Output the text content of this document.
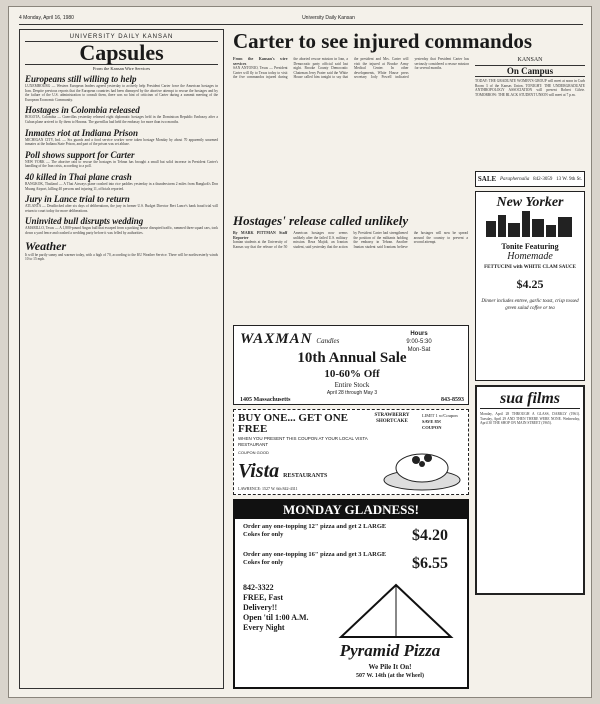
4 Monday, April 16, 1980	University Daily Kansan
UNIVERSITY DAILY KANSAN
Capsules
From the Kansan Wire Services
Europeans still willing to help
LUXEMBOURG — Western European leaders agreed yesterday to actively help President Carter force the American hostages in Iran. Despite previous reports that the European countries had been dismayed by the abortive attempt to rescue the hostages and by the failure of the U.S. administration to consult them, there was no hint of criticism of Carter during a summit meeting of the European Economic Community.
Hostages in Colombia released
BOGOTA, Colombia — Guerrillas yesterday released eight diplomatic hostages held in the Dominican Republic Embassy after a Cuban plane arrived to fly them to Havana. The guerrillas had held the embassy for more than two months.
Inmates riot at Indiana Prison
MICHIGAN CITY, Ind. — Six guards and a food service worker were taken hostage Monday by about 70 apparently unarmed inmates at the Indiana State Prison, and part of the prison was set ablaze.
Poll shows support for Carter
NEW YORK — The abortive raid to rescue the hostages in Tehran has brought a small but solid increase in President Carter's handling of the Iran crisis, according to a poll.
40 killed in Thai plane crash
BANGKOK, Thailand — A Thai Airways plane crashed into rice paddies yesterday in a thunderstorm 2 miles from Bangkok's Don Muang Airport, killing 40 persons and injuring 11, officials reported.
Jury in Lance trial to return
ATLANTA — Deadlocked after six days of deliberations, the jury in former U.S. Budget Director Bert Lance's bank fraud trial will return to court today for more deliberations.
Uninvited bull disrupts wedding
AMARILLO, Texas — A 1,800-pound Angus bull that escaped from a packing house disrupted traffic, rammed three squad cars, took down a yard fence and crashed a wedding party before it was felled by authorities.
Weather
It will be partly sunny and warmer today, with a high of 70, according to the KU Weather Service. There will be northwesterly winds 10 to 15 mph.
Carter to see injured commandos
From the Kansan's wire services
SAN ANTONIO, Texas — President Carter will fly to Texas today to visit the five commandos injured during the aborted rescue mission in Iran, a Democratic party official said last night. Brooke County Democratic Chairman Jerry Prater said the White House called him tonight to say that the president and Mrs. Carter will visit the injured at Brooke Army Medical Center. In other developments, White House press secretary Jody Powell indicated yesterday that President Carter has seriously considered a rescue mission for several months.
Hostages' release called unlikely
By MARK PITTMAN Staff Reporter
Iranian students at the University of Kansas say that the release of the 50 American hostages now seems unlikely after the failed U.S. military mission. Reza Majidi, an Iranian student, said yesterday that the action by President Carter had strengthened the position of the militants holding the embassy in Tehran. Another Iranian student said Iranians believe the hostages will now be spread around the country to prevent a second attempt.
WAXMAN Candles
Hours
9:00-5:30
Mon-Sat
10th Annual Sale
10-60% Off
Entire Stock
April 28 through May 3
1405 Massachusetts	843-8593
BUY ONE... GET ONE FREE
STRAWBERRY SHORTCAKE
LIMIT 1 w/Coupon
SAVE 85¢
COUPON
WHEN YOU PRESENT THIS COUPON AT YOUR LOCAL VISTA RESTAURANT
COUPON GOOD
Vista RESTAURANTS
LAWRENCE: 1527 W. 6th 842-4311
MONDAY GLADNESS!
Order any one-topping 12" pizza and get 2 LARGE Cokes for only	$4.20
Order any one-topping 16" pizza and get 3 LARGE Cokes for only	$6.55
842-3322
FREE, Fast Delivery!!
Open 'til 1:00 A.M. Every Night
Pyramid Pizza
We Pile It On!
507 W. 14th (at the Wheel)
KANSAN
On Campus
TODAY: THE GRADUATE WOMEN'S GROUP will meet at noon in Curb Room 3 of the Kansas Union. TONIGHT: THE UNDERGRADUATE ANTHROPOLOGY ASSOCIATION will present Robert Gilvie. TOMORROW: THE BLACK STUDENT UNION will meet at 7 p.m.
SALE Paraphernalia 842-3059 13 W. 9th St.
New Yorker
Tonite Featuring
Homemade
FETTUCINI with WHITE CLAM SAUCE
$4.25
Dinner includes entree, garlic toast, crisp tossed green salad coffee or tea
sua films
Monday, April 28 THROUGH A GLASS, DARKLY (1961). Tuesday, April 29 AND THEN THERE WERE NONE. Wednesday, April 30 THE SHOP ON MAIN STREET (1965).
